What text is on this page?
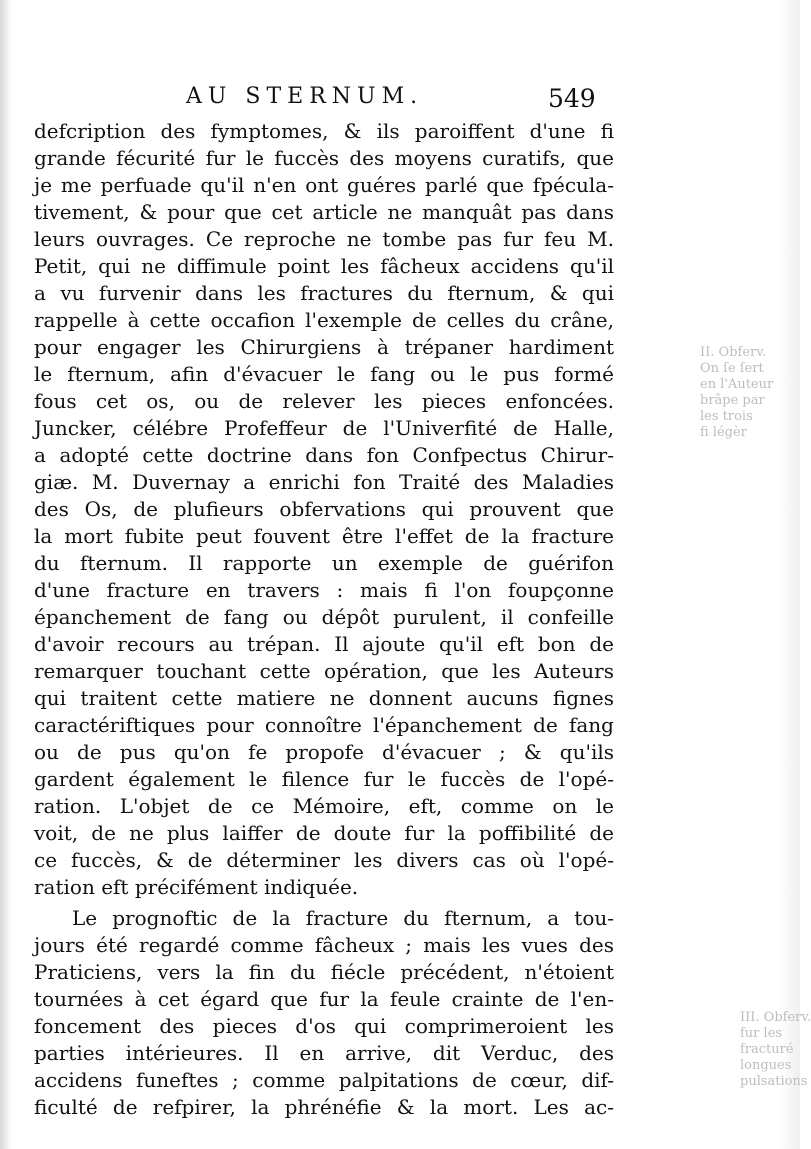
AU STERNUM.	549
defcription des fymptomes, & ils paroiffent d'une fi
grande fécurité fur le fuccès des moyens curatifs, que
je me perfuade qu'il n'en ont guéres parlé que fpécula-
tivement, & pour que cet article ne manquât pas dans
leurs ouvrages. Ce reproche ne tombe pas fur feu M.
Petit, qui ne diffimule point les fâcheux accidens qu'il
a vu furvenir dans les fractures du fternum, & qui
rappelle à cette occafion l'exemple de celles du crâne,
pour engager les Chirurgiens à trépaner hardiment
le fternum, afin d'évacuer le fang ou le pus formé
fous cet os, ou de relever les pieces enfoncées.
Juncker, célébre Profeffeur de l'Univerfité de Halle,
a adopté cette doctrine dans fon Confpectus Chirur-
giæ. M. Duvernay a enrichi fon Traité des Maladies
des Os, de plufieurs obfervations qui prouvent que
la mort fubite peut fouvent être l'effet de la fracture
du fternum. Il rapporte un exemple de guérifon
d'une fracture en travers : mais fi l'on foupçonne
épanchement de fang ou dépôt purulent, il confeille
d'avoir recours au trépan. Il ajoute qu'il eft bon de
remarquer touchant cette opération, que les Auteurs
qui traitent cette matiere ne donnent aucuns fignes
caractériftiques pour connoître l'épanchement de fang
ou de pus qu'on fe propofe d'évacuer ; & qu'ils
gardent également le filence fur le fuccès de l'opé-
ration. L'objet de ce Mémoire, eft, comme on le
voit, de ne plus laiffer de doute fur la poffibilité de
ce fuccès, & de déterminer les divers cas où l'opé-
ration eft précifément indiquée.
Le prognoftic de la fracture du fternum, a tou-
jours été regardé comme fâcheux ; mais les vues des
Praticiens, vers la fin du fiécle précédent, n'étoient
tournées à cet égard que fur la feule crainte de l'en-
foncement des pieces d'os qui comprimeroient les
parties intérieures. Il en arrive, dit Verduc, des
accidens funeftes ; comme palpitations de cœur, dif-
ficulté de refpirer, la phrénéfie & la mort. Les ac-
II. Obferv.
On ſe ſert
en l'Auteur
brâpe par
les trois
fi légèr
III. Obferv.
fur les
fracturé
longues
pulsations
